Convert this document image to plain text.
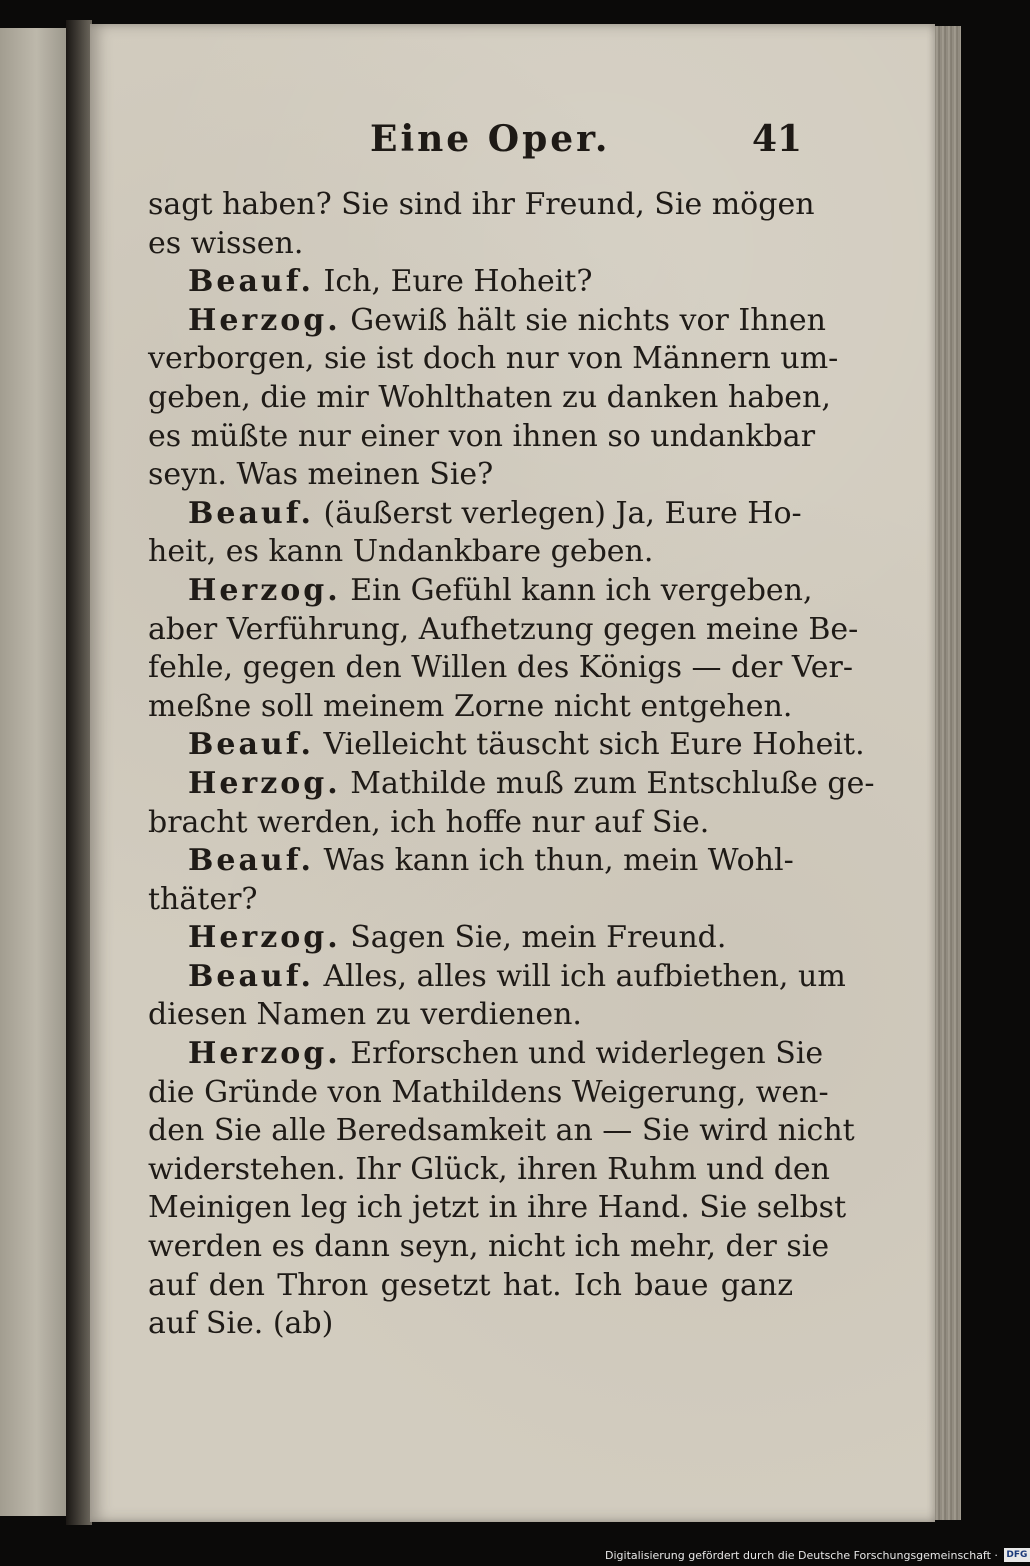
Eine Oper.	41
sagt haben? Sie sind ihr Freund, Sie mögen
es wissen.
Beauf. Ich, Eure Hoheit?
Herzog. Gewiß hält sie nichts vor Ihnen
verborgen, sie ist doch nur von Männern um-
geben, die mir Wohlthaten zu danken haben,
es müßte nur einer von ihnen so undankbar
seyn. Was meinen Sie?
Beauf. (äußerst verlegen) Ja, Eure Ho-
heit, es kann Undankbare geben.
Herzog. Ein Gefühl kann ich vergeben,
aber Verführung, Aufhetzung gegen meine Be-
fehle, gegen den Willen des Königs — der Ver-
meßne soll meinem Zorne nicht entgehen.
Beauf. Vielleicht täuscht sich Eure Hoheit.
Herzog. Mathilde muß zum Entschluße ge-
bracht werden, ich hoffe nur auf Sie.
Beauf. Was kann ich thun, mein Wohl-
thäter?
Herzog. Sagen Sie, mein Freund.
Beauf. Alles, alles will ich aufbiethen, um
diesen Namen zu verdienen.
Herzog. Erforschen und widerlegen Sie
die Gründe von Mathildens Weigerung, wen-
den Sie alle Beredsamkeit an — Sie wird nicht
widerstehen. Ihr Glück, ihren Ruhm und den
Meinigen leg ich jetzt in ihre Hand. Sie selbst
werden es dann seyn, nicht ich mehr, der sie
auf den Thron gesetzt hat. Ich baue ganz
auf Sie. (ab)
Digitalisierung gefördert durch die Deutsche Forschungsgemeinschaft · DFG
